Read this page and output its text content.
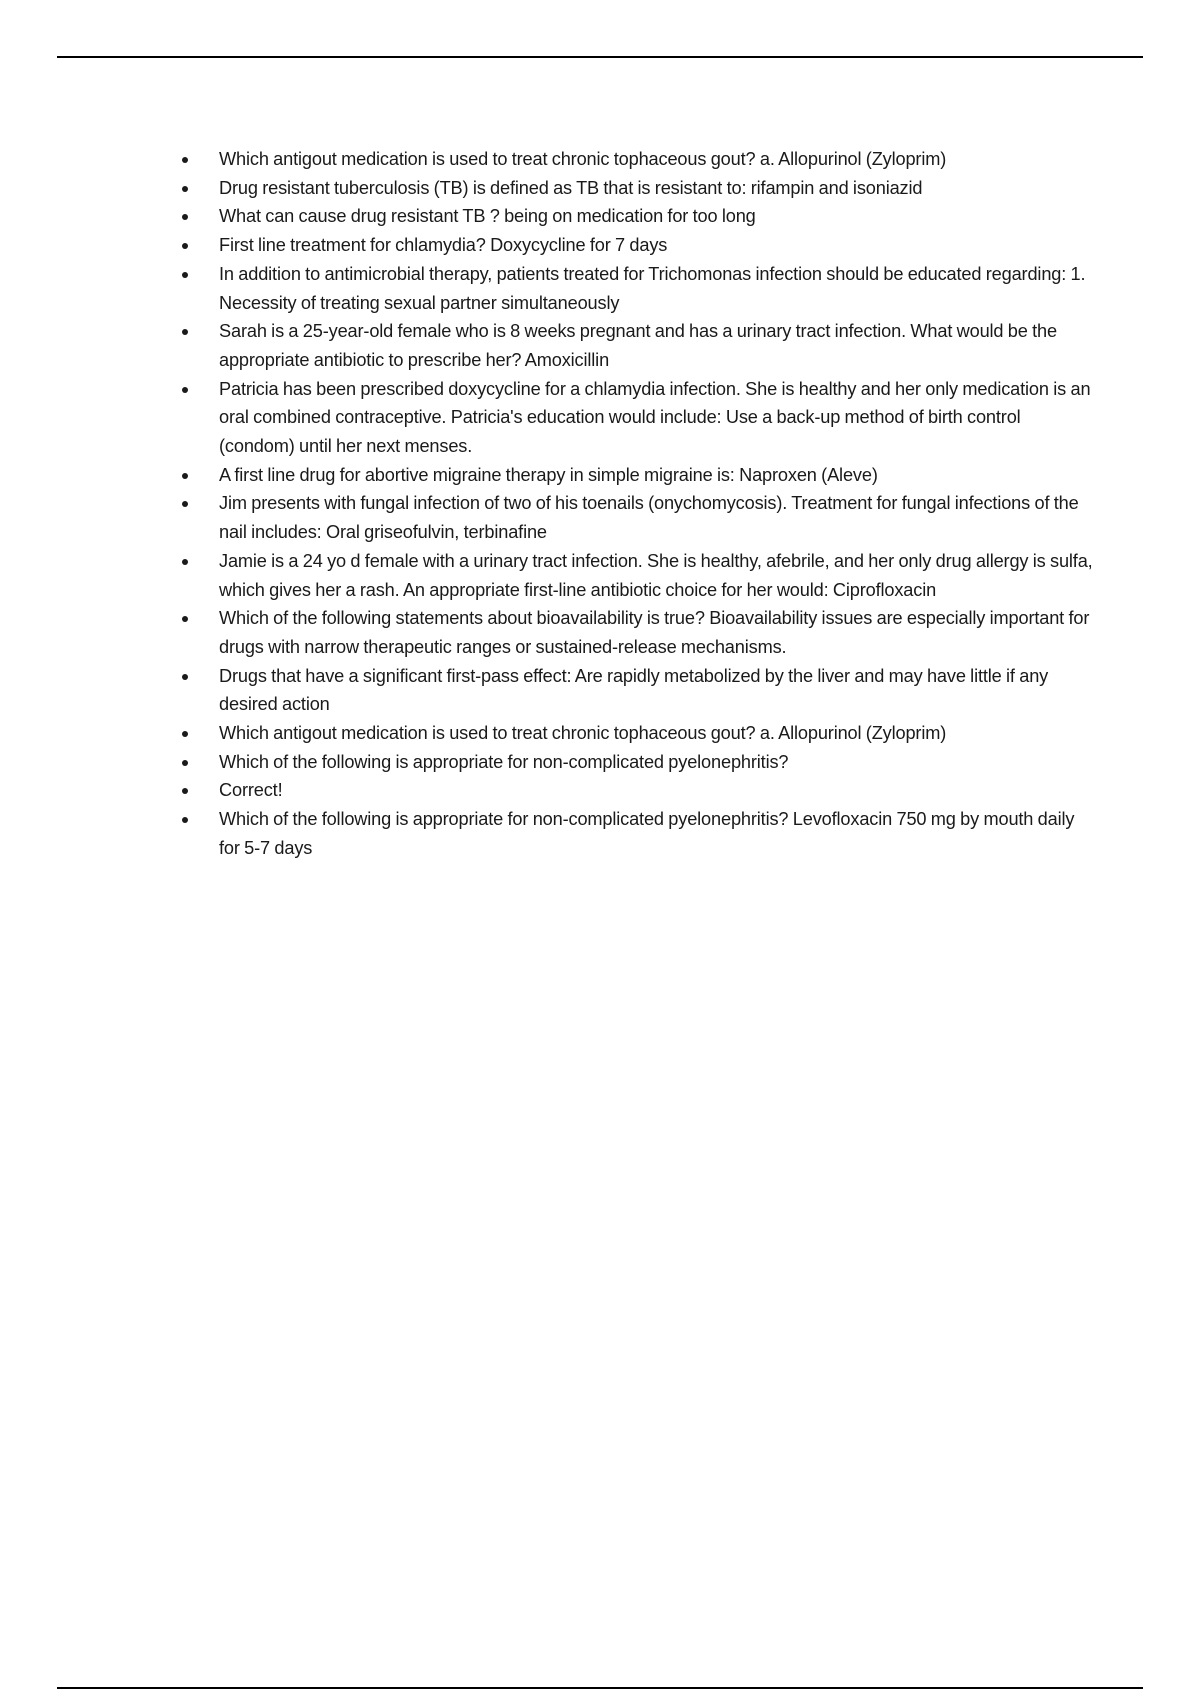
Which antigout medication is used to treat chronic tophaceous gout? a. Allopurinol (Zyloprim)
Drug resistant tuberculosis (TB) is defined as TB that is resistant to: rifampin and isoniazid
What can cause drug resistant TB ? being on medication for too long
First line treatment for chlamydia? Doxycycline for 7 days
In addition to antimicrobial therapy, patients treated for Trichomonas infection should be educated regarding: 1. Necessity of treating sexual partner simultaneously
Sarah is a 25-year-old female who is 8 weeks pregnant and has a urinary tract infection. What would be the appropriate antibiotic to prescribe her? Amoxicillin
Patricia has been prescribed doxycycline for a chlamydia infection. She is healthy and her only medication is an oral combined contraceptive. Patricia's education would include: Use a back-up method of birth control (condom) until her next menses.
A first line drug for abortive migraine therapy in simple migraine is: Naproxen (Aleve)
Jim presents with fungal infection of two of his toenails (onychomycosis). Treatment for fungal infections of the nail includes: Oral griseofulvin, terbinafine
Jamie is a 24 yo d female with a urinary tract infection. She is healthy, afebrile, and her only drug allergy is sulfa, which gives her a rash. An appropriate first-line antibiotic choice for her would: Ciprofloxacin
Which of the following statements about bioavailability is true? Bioavailability issues are especially important for drugs with narrow therapeutic ranges or sustained-release mechanisms.
Drugs that have a significant first-pass effect: Are rapidly metabolized by the liver and may have little if any desired action
Which antigout medication is used to treat chronic tophaceous gout? a. Allopurinol (Zyloprim)
Which of the following is appropriate for non-complicated pyelonephritis?
Correct!
Which of the following is appropriate for non-complicated pyelonephritis? Levofloxacin 750 mg by mouth daily for 5-7 days
